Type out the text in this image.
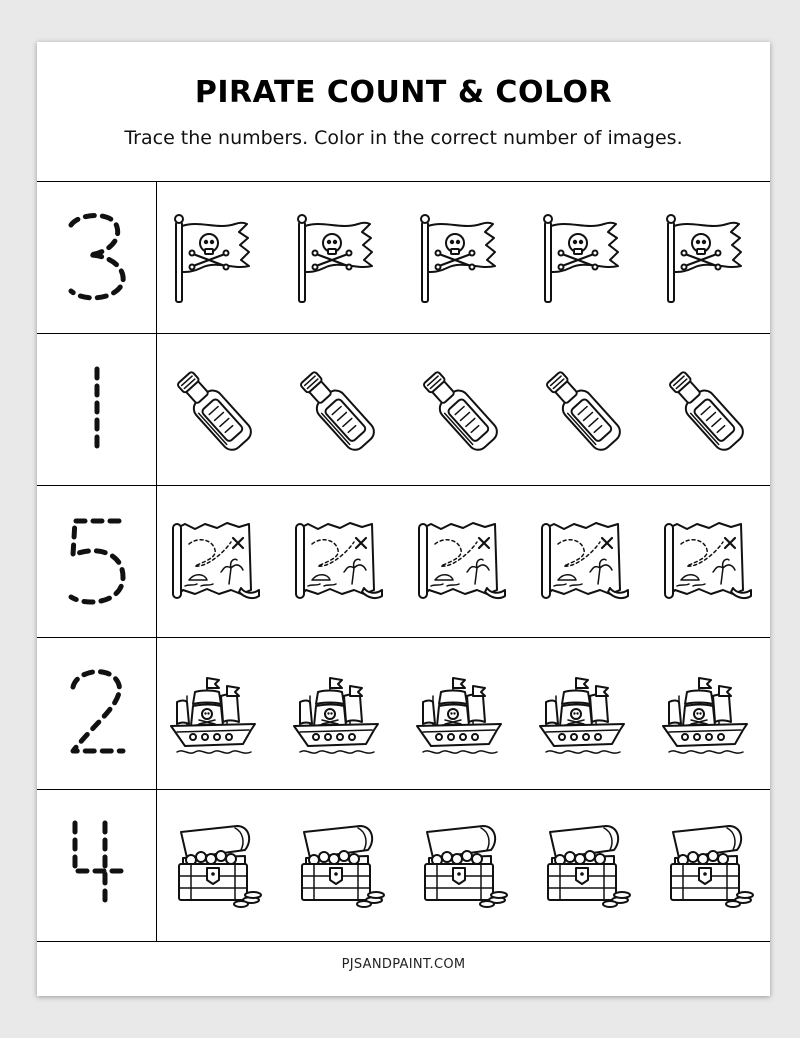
PIRATE COUNT & COLOR
Trace the numbers. Color in the correct number of images.
PJSANDPAINT.COM
